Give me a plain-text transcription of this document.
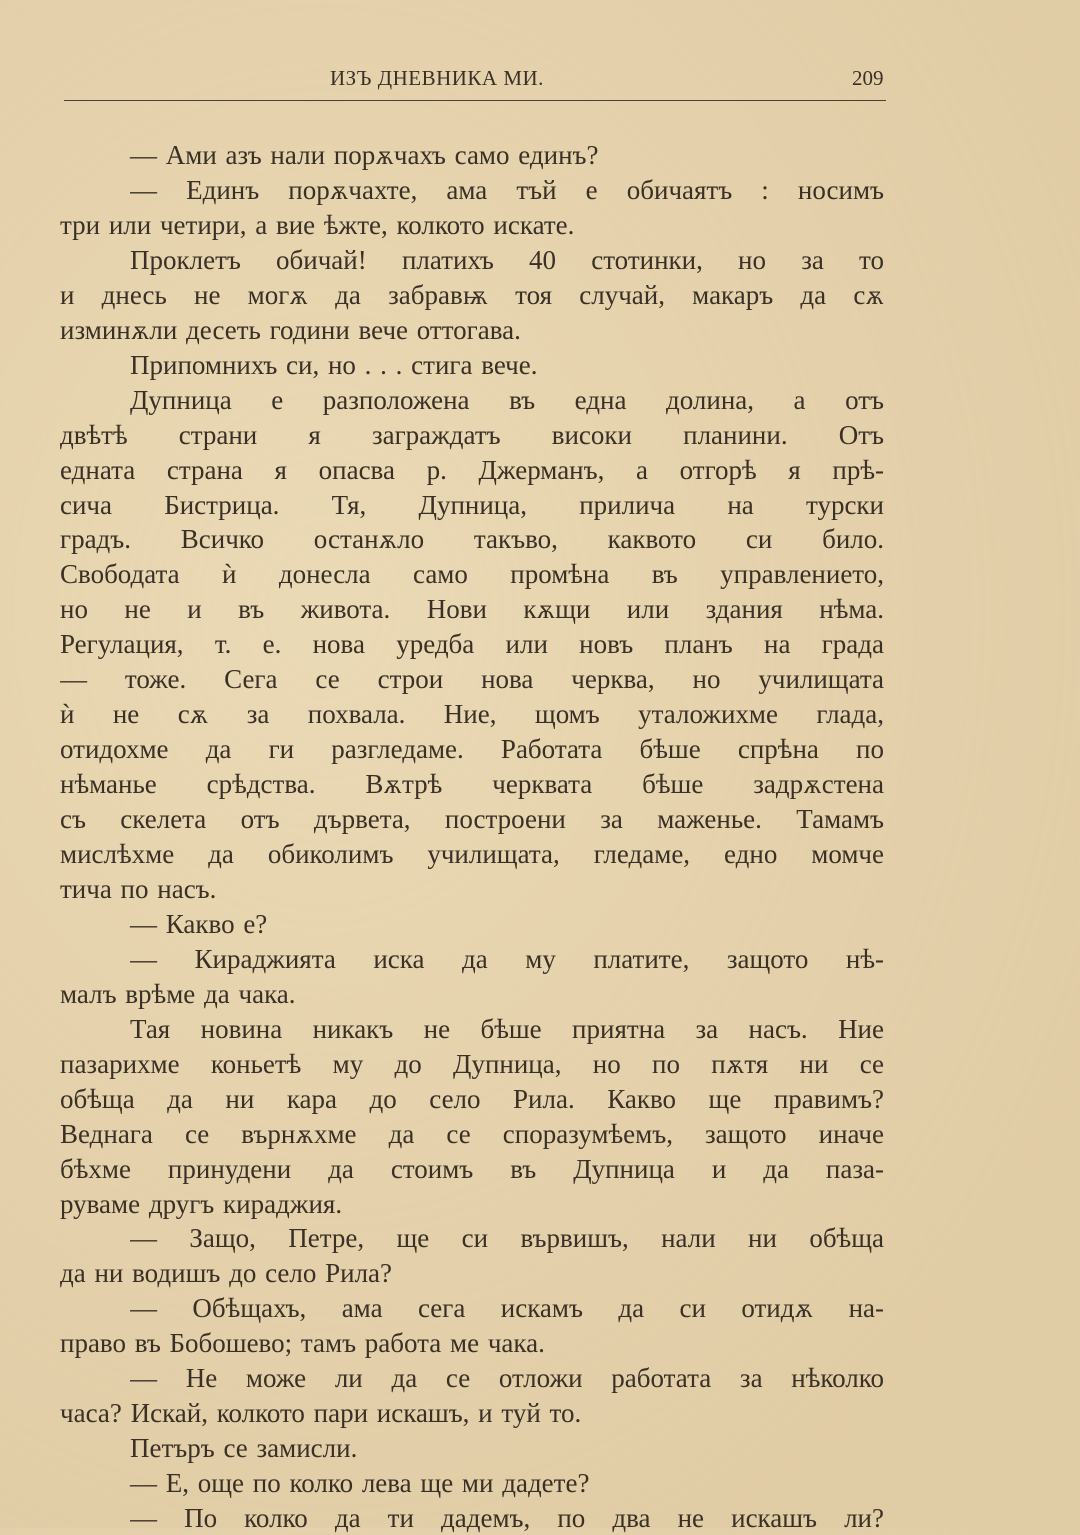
ИЗЪ ДНЕВНИКА МИ.	209
— Ами азъ нали порѫчахъ само единъ?
— Единъ порѫчахте, ама тъй е обичаятъ : носимъ
три или четири, а вие ѣжте, колкото искате.
Проклетъ обичай! платихъ 40 стотинки, но за то
и днесь не могѫ да забравѭ тоя случай, макаръ да сѫ
изминѫли десеть години вече оттогава.
Припомнихъ си, но . . . стига вече.
Дупница е разположена въ една долина, а отъ
двѣтѣ страни я заграждатъ високи планини. Отъ
едната страна я опасва р. Джерманъ, а отгорѣ я прѣ-
сича Бистрица. Тя, Дупница, прилича на турски
градъ. Всичко останѫло такъво, каквото си било.
Свободата ѝ донесла само промѣна въ управлението,
но не и въ живота. Нови кѫщи или здания нѣма.
Регулация, т. е. нова уредба или новъ планъ на града
— тоже. Сега се строи нова черква, но училищата
ѝ не сѫ за похвала. Ние, щомъ уталожихме глада,
отидохме да ги разгледаме. Работата бѣше спрѣна по
нѣманье срѣдства. Вѫтрѣ черквата бѣше задрѫстена
съ скелета отъ дървета, построени за маженье. Тамамъ
мислѣхме да обиколимъ училищата, гледаме, едно момче
тича по насъ.
— Какво е?
— Кираджията иска да му платите, защото нѣ-
малъ врѣме да чака.
Тая новина никакъ не бѣше приятна за насъ. Ние
пазарихме коньетѣ му до Дупница, но по пѫтя ни се
обѣща да ни кара до село Рила. Какво ще правимъ?
Веднага се върнѫхме да се споразумѣемъ, защото иначе
бѣхме принудени да стоимъ въ Дупница и да паза-
руваме другъ кираджия.
— Защо, Петре, ще си вървишъ, нали ни обѣща
да ни водишъ до село Рила?
— Обѣщахъ, ама сега искамъ да си отидѫ на-
право въ Бобошево; тамъ работа ме чака.
— Не може ли да се отложи работата за нѣколко
часа? Искай, колкото пари искашъ, и туй то.
Петъръ се замисли.
— Е, още по колко лева ще ми дадете?
— По колко да ти дадемъ, по два не искашъ ли?
